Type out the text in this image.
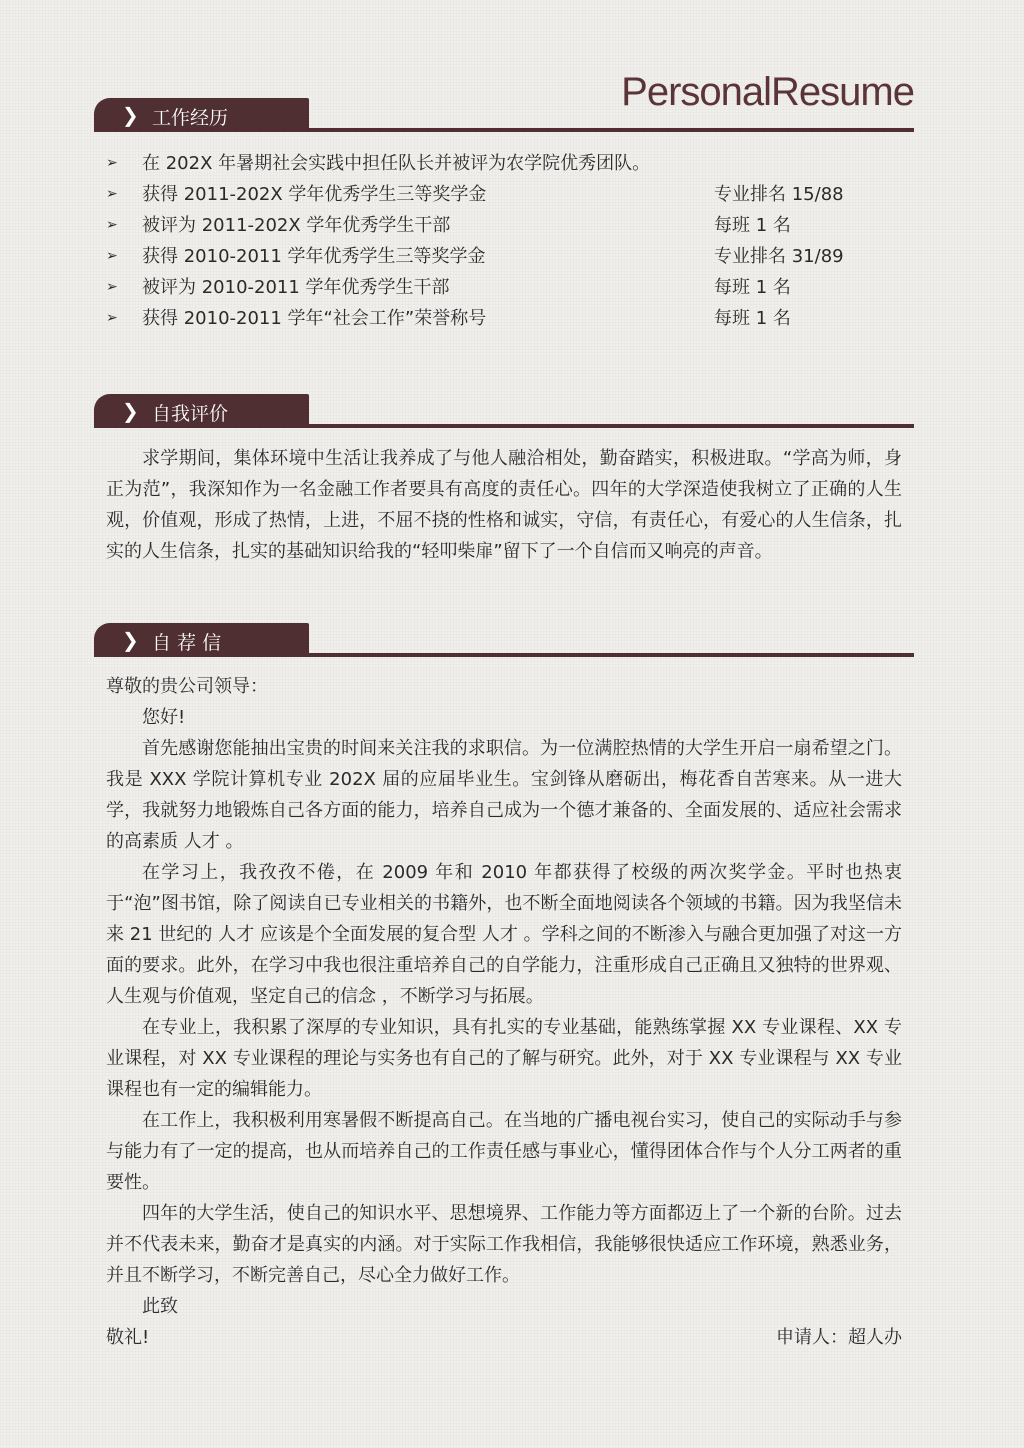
PersonalResume
❯ 工作经历
➢ 在 202X 年暑期社会实践中担任队长并被评为农学院优秀团队。
➢ 获得 2011-202X 学年优秀学生三等奖学金	专业排名 15/88
➢ 被评为 2011-202X 学年优秀学生干部	每班 1 名
➢ 获得 2010-2011 学年优秀学生三等奖学金	专业排名 31/89
➢ 被评为 2010-2011 学年优秀学生干部	每班 1 名
➢ 获得 2010-2011 学年“社会工作”荣誉称号	每班 1 名
❯ 自我评价

求学期间，集体环境中生活让我养成了与他人融洽相处，勤奋踏实，积极进取。“学高为师，身正为范”，我深知作为一名金融工作者要具有高度的责任心。四年的大学深造使我树立了正确的人生观，价值观，形成了热情，上进，不屈不挠的性格和诚实，守信，有责任心，有爱心的人生信条，扎实的人生信条，扎实的基础知识给我的“轻叩柴扉”留下了一个自信而又响亮的声音。

❯ 自 荐 信
尊敬的贵公司领导：
您好!

首先感谢您能抽出宝贵的时间来关注我的求职信。为一位满腔热情的大学生开启一扇希望之门。我是 XXX 学院计算机专业 202X 届的应届毕业生。宝剑锋从磨砺出，梅花香自苦寒来。从一进大学，我就努力地锻炼自己各方面的能力，培养自己成为一个德才兼备的、全面发展的、适应社会需求的高素质 人才 。

在学习上，我孜孜不倦，在 2009 年和 2010 年都获得了校级的两次奖学金。平时也热衷于“泡”图书馆，除了阅读自已专业相关的书籍外，也不断全面地阅读各个领域的书籍。因为我坚信未来 21 世纪的 人才 应该是个全面发展的复合型 人才 。学科之间的不断渗入与融合更加强了对这一方面的要求。此外，在学习中我也很注重培养自己的自学能力，注重形成自己正确且又独特的世界观、人生观与价值观，坚定自己的信念 ，不断学习与拓展。

在专业上，我积累了深厚的专业知识，具有扎实的专业基础，能熟练掌握 XX 专业课程、XX 专业课程，对 XX 专业课程的理论与实务也有自己的了解与研究。此外，对于 XX 专业课程与 XX 专业课程也有一定的编辑能力。

在工作上，我积极利用寒暑假不断提高自己。在当地的广播电视台实习，使自己的实际动手与参与能力有了一定的提高，也从而培养自己的工作责任感与事业心，懂得团体合作与个人分工两者的重要性。

四年的大学生活，使自己的知识水平、思想境界、工作能力等方面都迈上了一个新的台阶。过去并不代表未来，勤奋才是真实的内涵。对于实际工作我相信，我能够很快适应工作环境，熟悉业务，并且不断学习，不断完善自己，尽心全力做好工作。

此致
敬礼!	申请人：超人办
